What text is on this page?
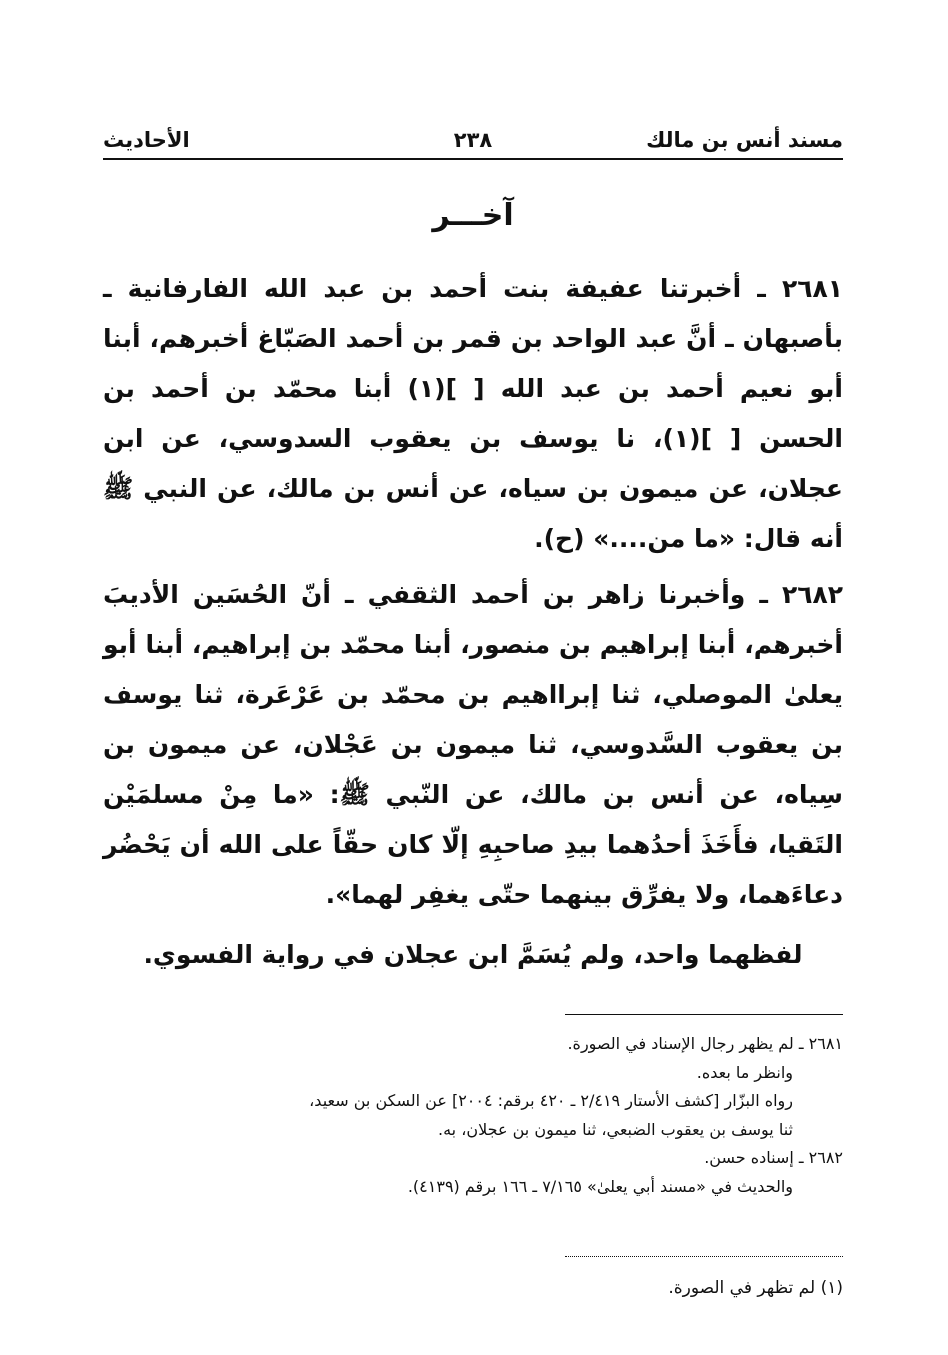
مسند أنس بن مالك
٢٣٨
الأحاديث
آخـــر

٢٦٨١ ـ أخبرتنا عفيفة بنت أحمد بن عبد الله الفارفانية ـ بأصبهان ـ أنَّ عبد الواحد بن قمر بن أحمد الصَبّاغ أخبرهم، أبنا أبو نعيم أحمد بن عبد الله [ ](١) أبنا محمّد بن أحمد بن الحسن [ ](١)، نا يوسف بن يعقوب السدوسي، عن ابن عجلان، عن ميمون بن سياه، عن أنس بن مالك، عن النبي ﷺ أنه قال: «ما من....» (ح).

٢٦٨٢ ـ وأخبرنا زاهر بن أحمد الثقفي ـ أنّ الحُسَين الأديبَ أخبرهم، أبنا إبراهيم بن منصور، أبنا محمّد بن إبراهيم، أبنا أبو يعلىٰ الموصلي، ثنا إبرااهيم بن محمّد بن عَرْعَرة، ثنا يوسف بن يعقوب السَّدوسي، ثنا ميمون بن عَجْلان، عن ميمون بن سِياه، عن أنس بن مالك، عن النّبي ﷺ: «ما مِنْ مسلمَيْن التَقيا، فأَخَذَ أحدُهما بيدِ صاحبِهِ إلّا كان حقّاً على الله أن يَحْضُر دعاءَهما، ولا يفرِّق بينهما حتّى يغفِر لهما».

لفظهما واحد، ولم يُسَمَّ ابن عجلان في رواية الفسوي.
٢٦٨١ ـ لم يظهر رجال الإسناد في الصورة.
وانظر ما بعده.
رواه البزّار [كشف الأستار ٢/٤١٩ ـ ٤٢٠ برقم: ٢٠٠٤] عن السكن بن سعيد،
ثنا يوسف بن يعقوب الضبعي، ثنا ميمون بن عجلان، به.
٢٦٨٢ ـ إسناده حسن.
والحديث في «مسند أبي يعلىٰ» ٧/١٦٥ ـ ١٦٦ برقم (٤١٣٩).
(١) لم تظهر في الصورة.
